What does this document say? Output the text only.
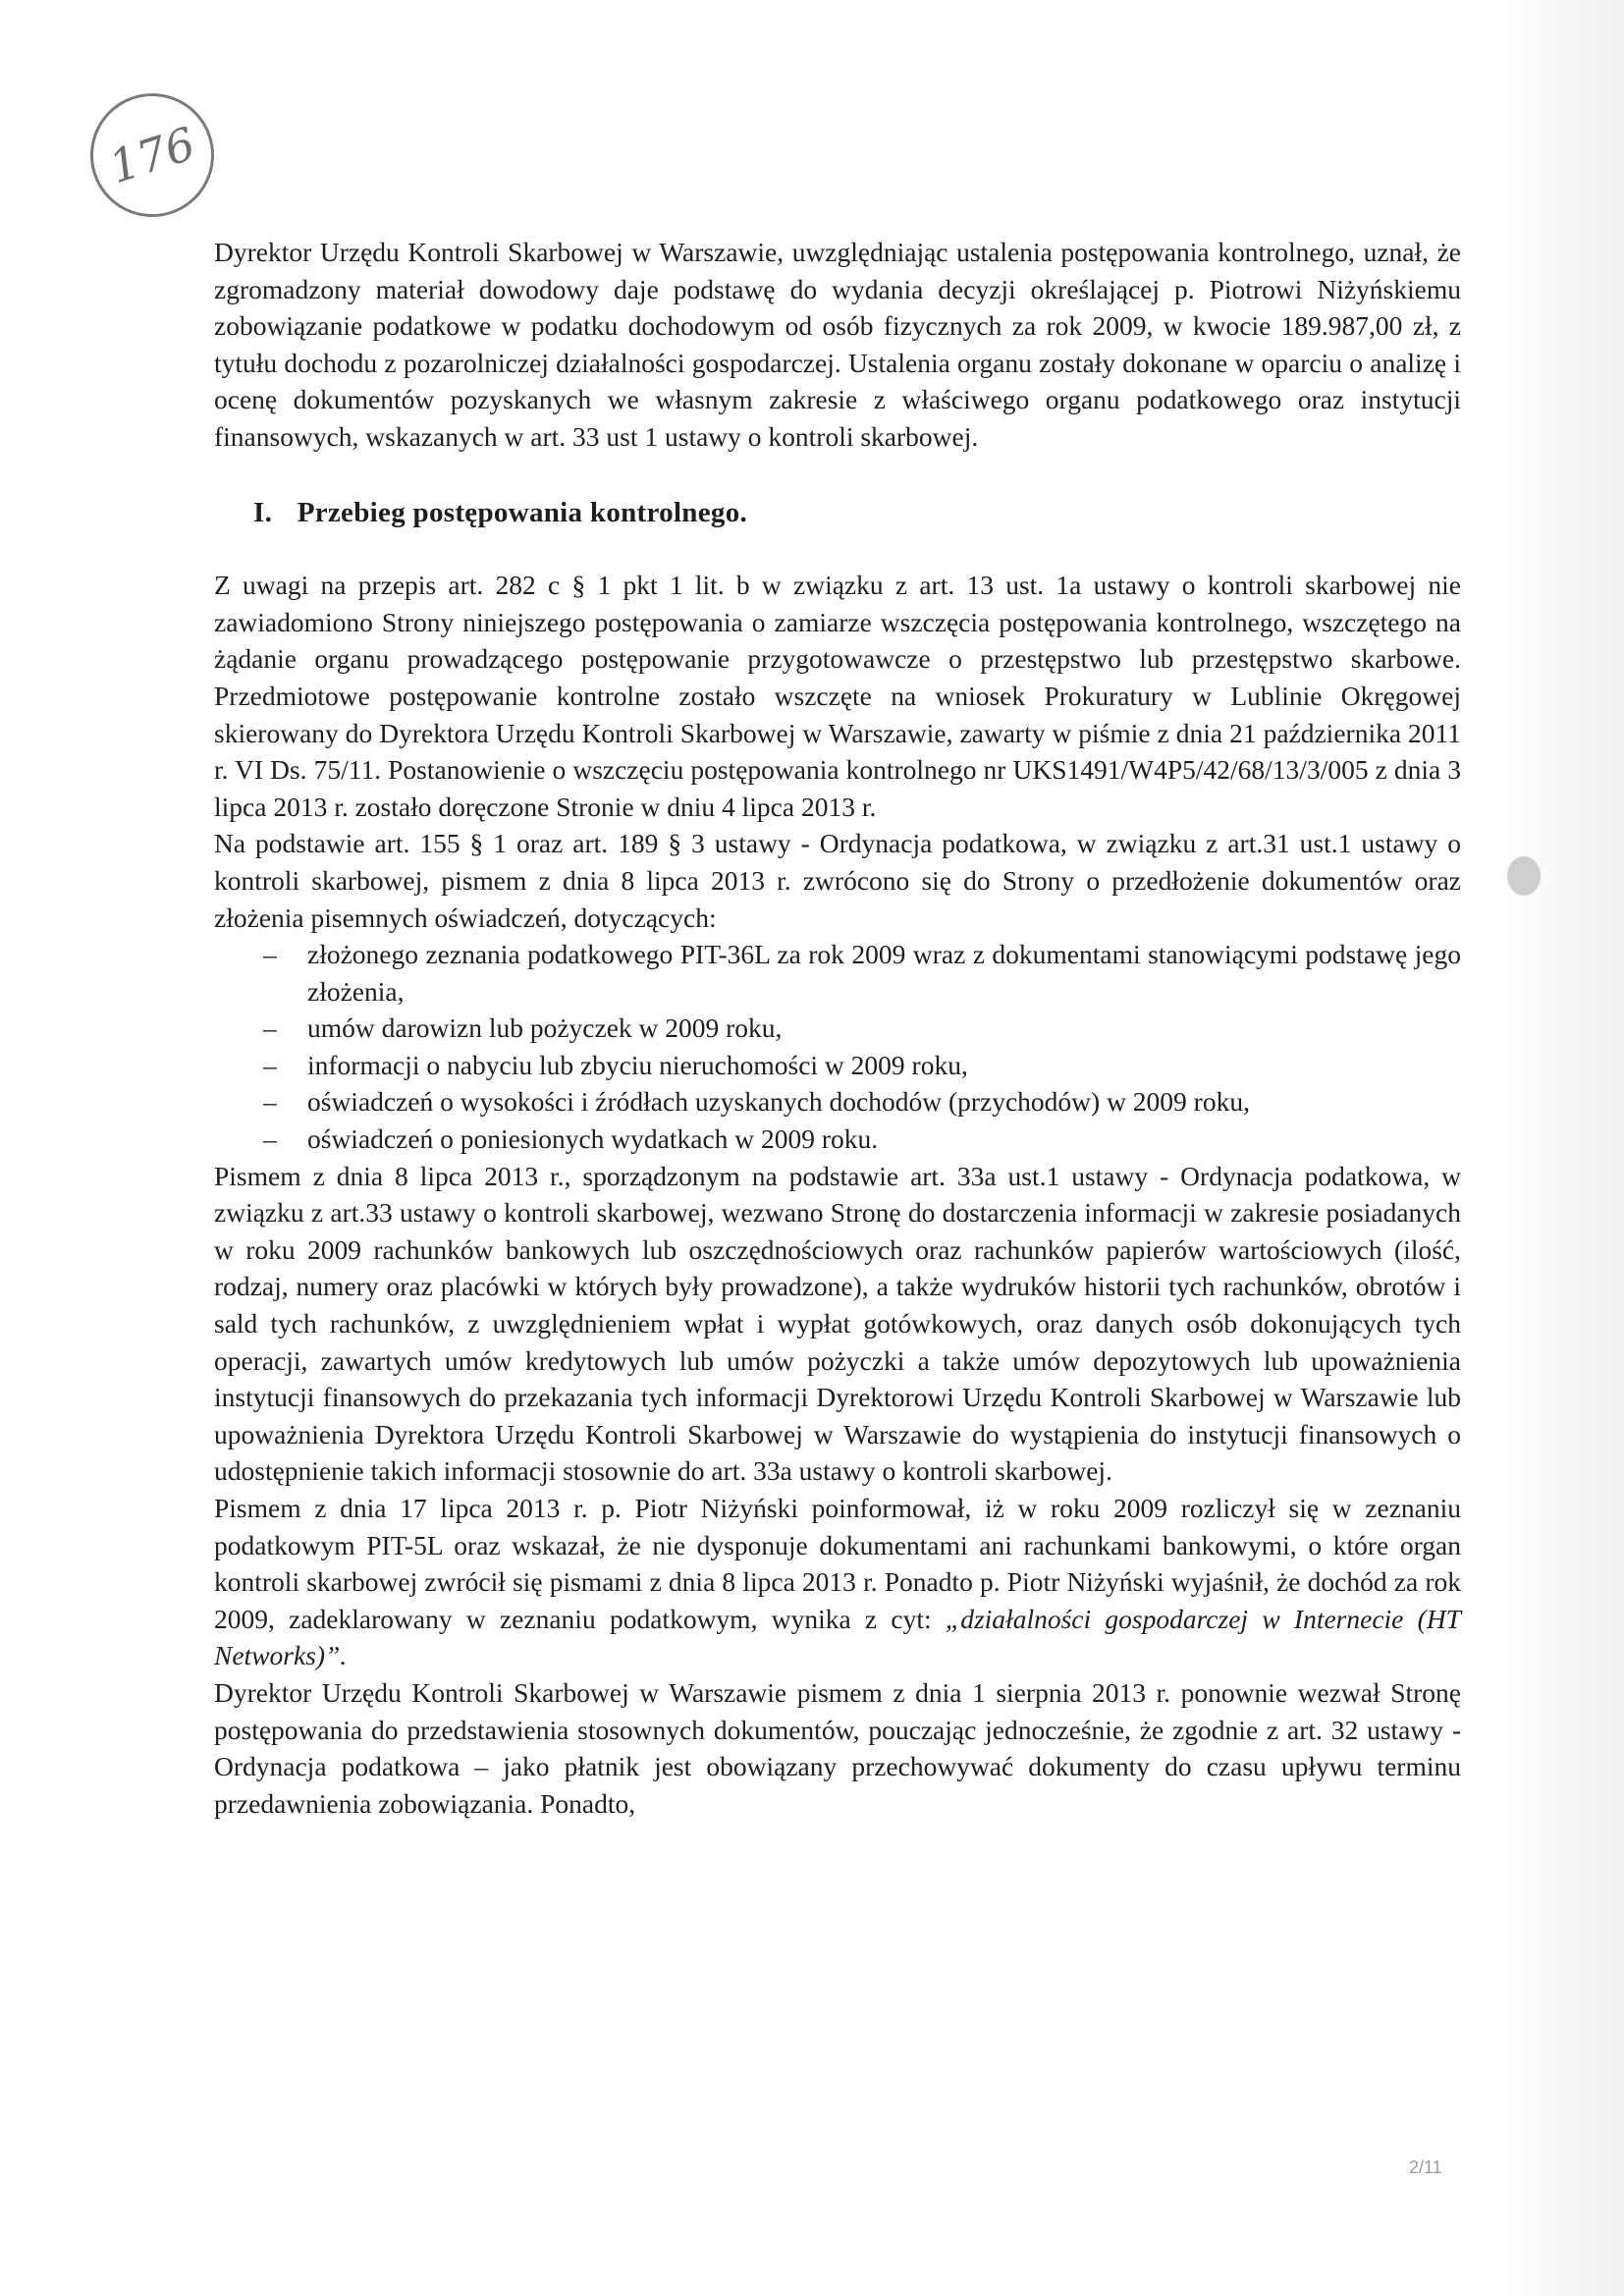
176

Dyrektor Urzędu Kontroli Skarbowej w Warszawie, uwzględniając ustalenia postępowania kontrolnego, uznał, że zgromadzony materiał dowodowy daje podstawę do wydania decyzji określającej p. Piotrowi Niżyńskiemu zobowiązanie podatkowe w podatku dochodowym od osób fizycznych za rok 2009, w kwocie 189.987,00 zł, z tytułu dochodu z pozarolniczej działalności gospodarczej. Ustalenia organu zostały dokonane w oparciu o analizę i ocenę dokumentów pozyskanych we własnym zakresie z właściwego organu podatkowego oraz instytucji finansowych, wskazanych w art. 33 ust 1 ustawy o kontroli skarbowej.

I. Przebieg postępowania kontrolnego.

Z uwagi na przepis art. 282 c § 1 pkt 1 lit. b w związku z art. 13 ust. 1a ustawy o kontroli skarbowej nie zawiadomiono Strony niniejszego postępowania o zamiarze wszczęcia postępowania kontrolnego, wszczętego na żądanie organu prowadzącego postępowanie przygotowawcze o przestępstwo lub przestępstwo skarbowe. Przedmiotowe postępowanie kontrolne zostało wszczęte na wniosek Prokuratury w Lublinie Okręgowej skierowany do Dyrektora Urzędu Kontroli Skarbowej w Warszawie, zawarty w piśmie z dnia 21 października 2011 r. VI Ds. 75/11. Postanowienie o wszczęciu postępowania kontrolnego nr UKS1491/W4P5/42/68/13/3/005 z dnia 3 lipca 2013 r. zostało doręczone Stronie w dniu 4 lipca 2013 r.

Na podstawie art. 155 § 1 oraz art. 189 § 3 ustawy - Ordynacja podatkowa, w związku z art.31 ust.1 ustawy o kontroli skarbowej, pismem z dnia 8 lipca 2013 r. zwrócono się do Strony o przedłożenie dokumentów oraz złożenia pisemnych oświadczeń, dotyczących:

– złożonego zeznania podatkowego PIT-36L za rok 2009 wraz z dokumentami stanowiącymi podstawę jego złożenia,
– umów darowizn lub pożyczek w 2009 roku,
– informacji o nabyciu lub zbyciu nieruchomości w 2009 roku,
– oświadczeń o wysokości i źródłach uzyskanych dochodów (przychodów) w 2009 roku,
– oświadczeń o poniesionych wydatkach w 2009 roku.

Pismem z dnia 8 lipca 2013 r., sporządzonym na podstawie art. 33a ust.1 ustawy - Ordynacja podatkowa, w związku z art.33 ustawy o kontroli skarbowej, wezwano Stronę do dostarczenia informacji w zakresie posiadanych w roku 2009 rachunków bankowych lub oszczędnościowych oraz rachunków papierów wartościowych (ilość, rodzaj, numery oraz placówki w których były prowadzone), a także wydruków historii tych rachunków, obrotów i sald tych rachunków, z uwzględnieniem wpłat i wypłat gotówkowych, oraz danych osób dokonujących tych operacji, zawartych umów kredytowych lub umów pożyczki a także umów depozytowych lub upoważnienia instytucji finansowych do przekazania tych informacji Dyrektorowi Urzędu Kontroli Skarbowej w Warszawie lub upoważnienia Dyrektora Urzędu Kontroli Skarbowej w Warszawie do wystąpienia do instytucji finansowych o udostępnienie takich informacji stosownie do art. 33a ustawy o kontroli skarbowej.

Pismem z dnia 17 lipca 2013 r. p. Piotr Niżyński poinformował, iż w roku 2009 rozliczył się w zeznaniu podatkowym PIT-5L oraz wskazał, że nie dysponuje dokumentami ani rachunkami bankowymi, o które organ kontroli skarbowej zwrócił się pismami z dnia 8 lipca 2013 r. Ponadto p. Piotr Niżyński wyjaśnił, że dochód za rok 2009, zadeklarowany w zeznaniu podatkowym, wynika z cyt: „działalności gospodarczej w Internecie (HT Networks)”.

Dyrektor Urzędu Kontroli Skarbowej w Warszawie pismem z dnia 1 sierpnia 2013 r. ponownie wezwał Stronę postępowania do przedstawienia stosownych dokumentów, pouczając jednocześnie, że zgodnie z art. 32 ustawy - Ordynacja podatkowa – jako płatnik jest obowiązany przechowywać dokumenty do czasu upływu terminu przedawnienia zobowiązania. Ponadto,

2/11
